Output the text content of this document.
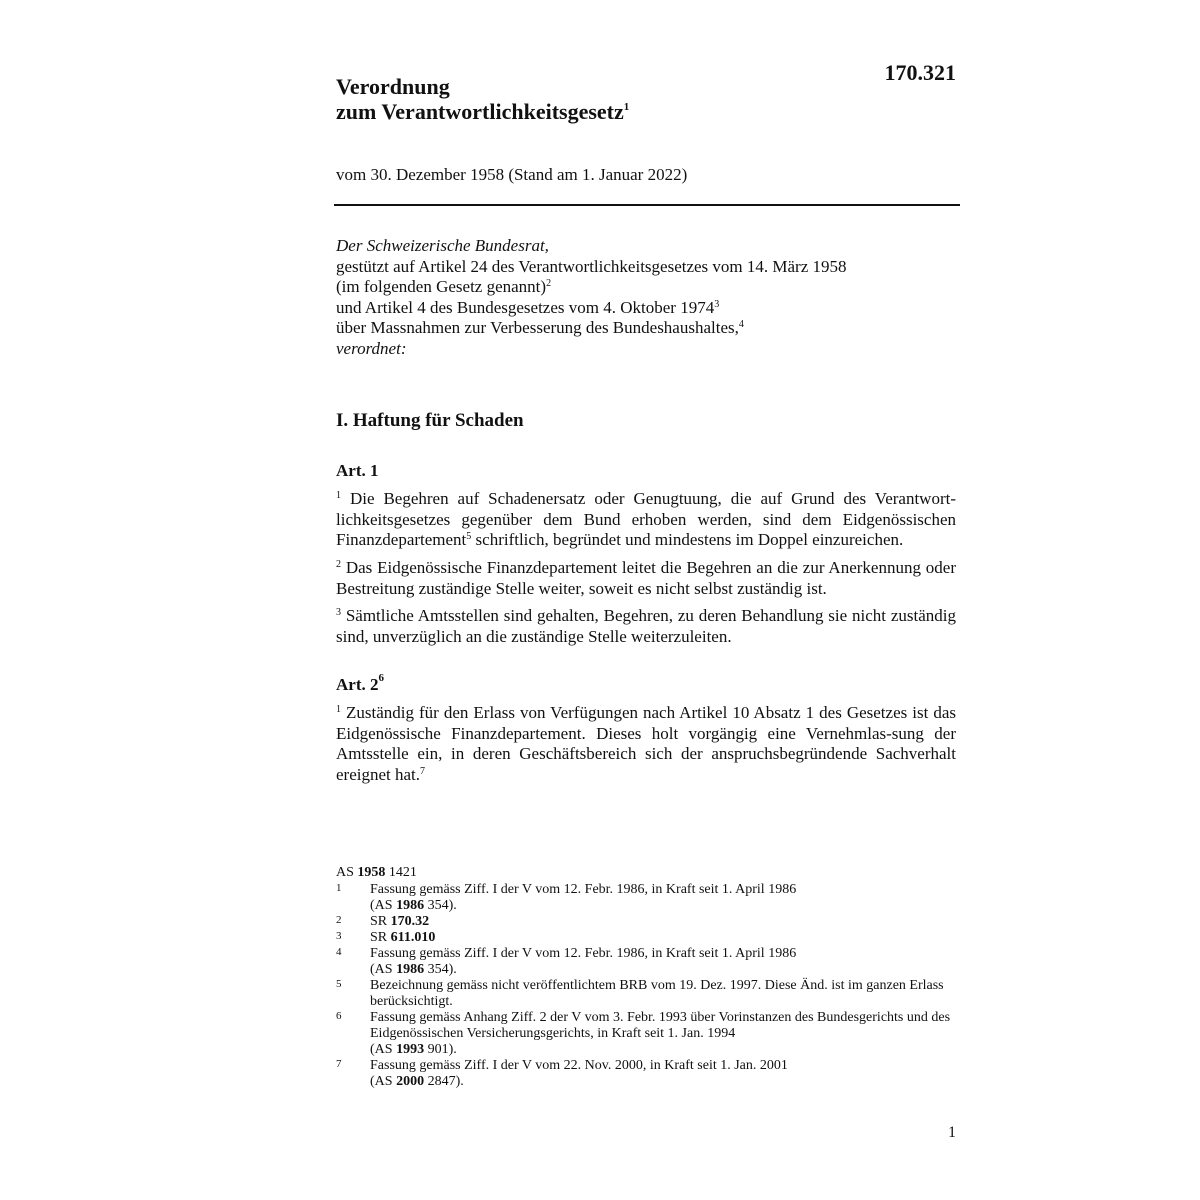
170.321
Verordnung
zum Verantwortlichkeitsgesetz$^1$
vom 30. Dezember 1958 (Stand am 1. Januar 2022)
Der Schweizerische Bundesrat,
gestützt auf Artikel 24 des Verantwortlichkeitsgesetzes vom 14. März 1958
(im folgenden Gesetz genannt)$^2$
und Artikel 4 des Bundesgesetzes vom 4. Oktober 1974$^3$
über Massnahmen zur Verbesserung des Bundeshaushaltes,$^4$
verordnet:
I. Haftung für Schaden
Art. 1
$^1$ Die Begehren auf Schadenersatz oder Genugtuung, die auf Grund des Verantwort-lichkeitsgesetzes gegenüber dem Bund erhoben werden, sind dem Eidgenössischen Finanzdepartement$^5$ schriftlich, begründet und mindestens im Doppel einzureichen.
$^2$ Das Eidgenössische Finanzdepartement leitet die Begehren an die zur Anerkennung oder Bestreitung zuständige Stelle weiter, soweit es nicht selbst zuständig ist.
$^3$ Sämtliche Amtsstellen sind gehalten, Begehren, zu deren Behandlung sie nicht zuständig sind, unverzüglich an die zuständige Stelle weiterzuleiten.
Art. $2^6$
$^1$ Zuständig für den Erlass von Verfügungen nach Artikel 10 Absatz 1 des Gesetzes ist das Eidgenössische Finanzdepartement. Dieses holt vorgängig eine Vernehmlas-sung der Amtsstelle ein, in deren Geschäftsbereich sich der anspruchsbegründende Sachverhalt ereignet hat.$^7$
AS 1958 1421
1	Fassung gemäss Ziff. I der V vom 12. Febr. 1986, in Kraft seit 1. April 1986
(AS 1986 354).
2	SR 170.32
3	SR 611.010
4	Fassung gemäss Ziff. I der V vom 12. Febr. 1986, in Kraft seit 1. April 1986
(AS 1986 354).
5	Bezeichnung gemäss nicht veröffentlichtem BRB vom 19. Dez. 1997. Diese Änd. ist im ganzen Erlass berücksichtigt.
6	Fassung gemäss Anhang Ziff. 2 der V vom 3. Febr. 1993 über Vorinstanzen des Bundesgerichts und des Eidgenössischen Versicherungsgerichts, in Kraft seit 1. Jan. 1994
(AS 1993 901).
7	Fassung gemäss Ziff. I der V vom 22. Nov. 2000, in Kraft seit 1. Jan. 2001
(AS 2000 2847).
1
